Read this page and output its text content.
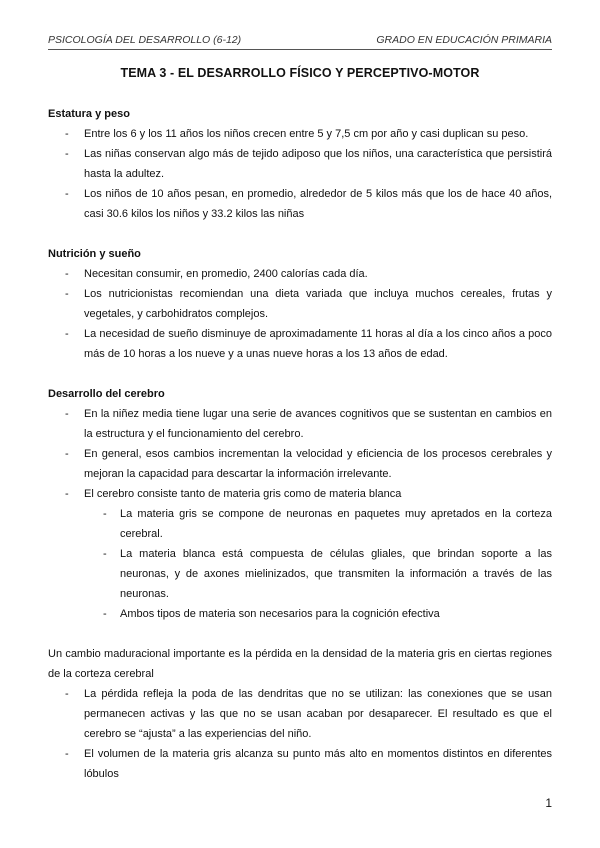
PSICOLOGÍA DEL DESARROLLO (6-12)	GRADO EN EDUCACIÓN PRIMARIA
TEMA 3 - EL DESARROLLO FÍSICO Y PERCEPTIVO-MOTOR
Estatura y peso
- Entre los 6 y los 11 años los niños crecen entre 5 y 7,5 cm por año y casi duplican su peso.
- Las niñas conservan algo más de tejido adiposo que los niños, una característica que persistirá hasta la adultez.
- Los niños de 10 años pesan, en promedio, alrededor de 5 kilos más que los de hace 40 años, casi 30.6 kilos los niños y 33.2 kilos las niñas
Nutrición y sueño
- Necesitan consumir, en promedio, 2400 calorías cada día.
- Los nutricionistas recomiendan una dieta variada que incluya muchos cereales, frutas y vegetales, y carbohidratos complejos.
- La necesidad de sueño disminuye de aproximadamente 11 horas al día a los cinco años a poco más de 10 horas a los nueve y a unas nueve horas a los 13 años de edad.
Desarrollo del cerebro
- En la niñez media tiene lugar una serie de avances cognitivos que se sustentan en cambios en la estructura y el funcionamiento del cerebro.
- En general, esos cambios incrementan la velocidad y eficiencia de los procesos cerebrales y mejoran la capacidad para descartar la información irrelevante.
- El cerebro consiste tanto de materia gris como de materia blanca
- La materia gris se compone de neuronas en paquetes muy apretados en la corteza cerebral.
- La materia blanca está compuesta de células gliales, que brindan soporte a las neuronas, y de axones mielinizados, que transmiten la información a través de las neuronas.
- Ambos tipos de materia son necesarios para la cognición efectiva
Un cambio maduracional importante es la pérdida en la densidad de la materia gris en ciertas regiones de la corteza cerebral
- La pérdida refleja la poda de las dendritas que no se utilizan: las conexiones que se usan permanecen activas y las que no se usan acaban por desaparecer. El resultado es que el cerebro se “ajusta” a las experiencias del niño.
- El volumen de la materia gris alcanza su punto más alto en momentos distintos en diferentes lóbulos
1
